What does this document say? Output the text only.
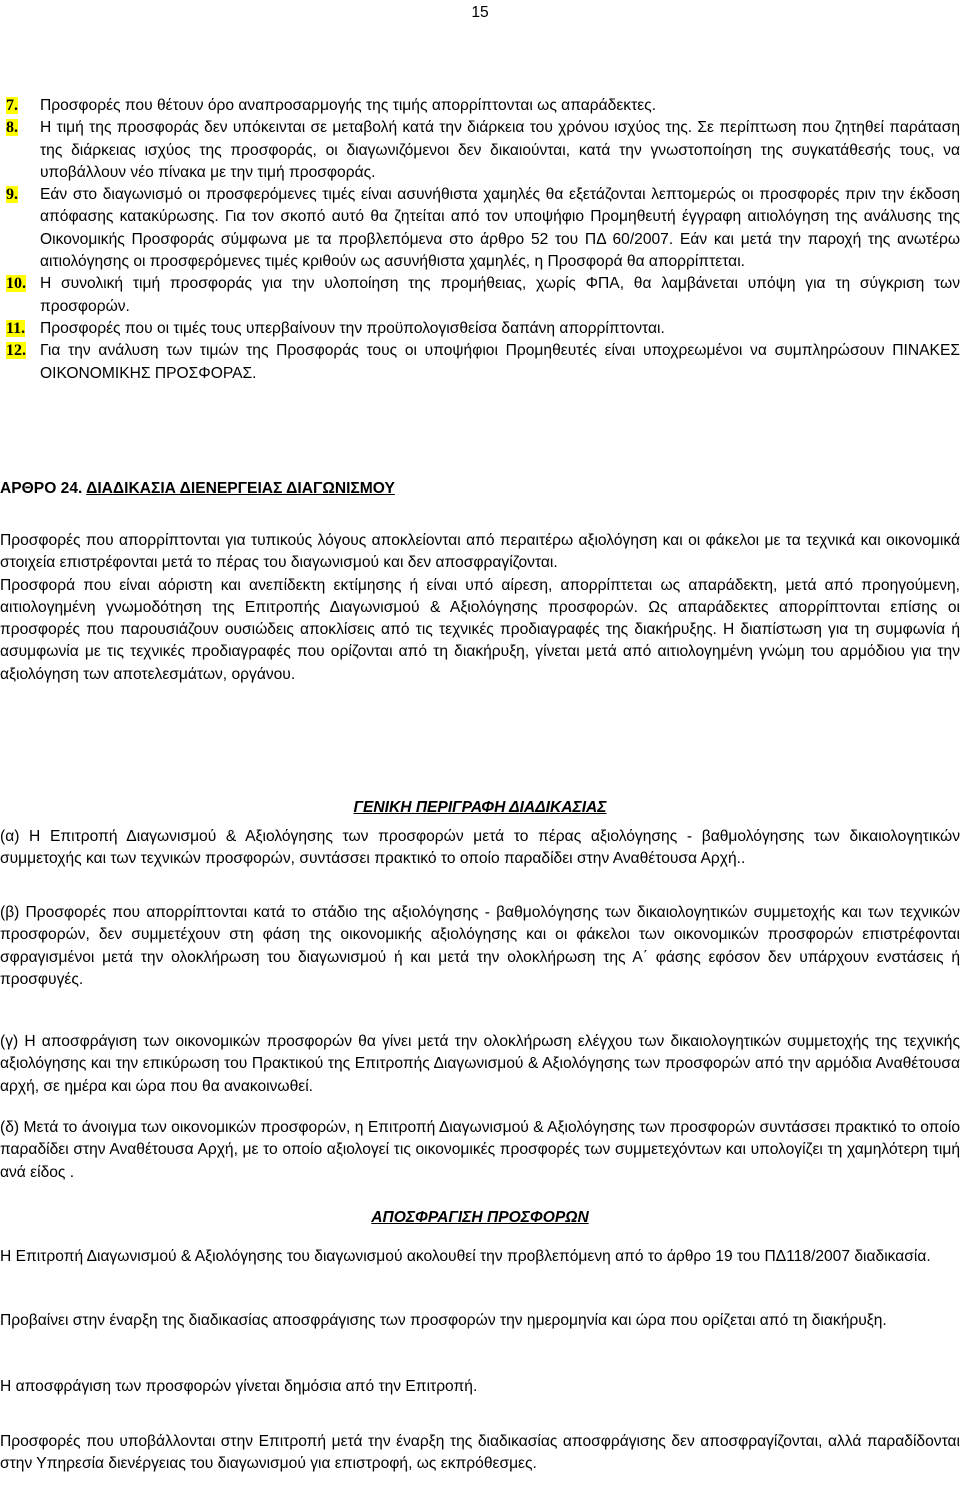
15
7. Προσφορές που θέτουν όρο αναπροσαρμογής της τιμής απορρίπτονται ως απαράδεκτες.
8. Η τιμή της προσφοράς δεν υπόκεινται σε μεταβολή κατά την διάρκεια του χρόνου ισχύος της. Σε περίπτωση που ζητηθεί παράταση της διάρκειας ισχύος της προσφοράς, οι διαγωνιζόμενοι δεν δικαιούνται, κατά την γνωστοποίηση της συγκατάθεσής τους, να υποβάλλουν νέο πίνακα με την τιμή προσφοράς.
9. Εάν στο διαγωνισμό οι προσφερόμενες τιμές είναι ασυνήθιστα χαμηλές θα εξετάζονται λεπτομερώς οι προσφορές πριν την έκδοση απόφασης κατακύρωσης. Για τον σκοπό αυτό θα ζητείται από τον υποψήφιο Προμηθευτή έγγραφη αιτιολόγηση της ανάλυσης της Οικονομικής Προσφοράς σύμφωνα με τα προβλεπόμενα στο άρθρο 52 του ΠΔ 60/2007. Εάν και μετά την παροχή της ανωτέρω αιτιολόγησης οι προσφερόμενες τιμές κριθούν ως ασυνήθιστα χαμηλές, η Προσφορά θα απορρίπτεται.
10. Η συνολική τιμή προσφοράς για την υλοποίηση της προμήθειας, χωρίς ΦΠΑ, θα λαμβάνεται υπόψη για τη σύγκριση των προσφορών.
11. Προσφορές που οι τιμές τους υπερβαίνουν την προϋπολογισθείσα δαπάνη απορρίπτονται.
12. Για την ανάλυση των τιμών της Προσφοράς τους οι υποψήφιοι Προμηθευτές είναι υποχρεωμένοι να συμπληρώσουν ΠΙΝΑΚΕΣ ΟΙΚΟΝΟΜΙΚΗΣ ΠΡΟΣΦΟΡΑΣ.
ΑΡΘΡΟ 24. ΔΙΑΔΙΚΑΣΙΑ ΔΙΕΝΕΡΓΕΙΑΣ ΔΙΑΓΩΝΙΣΜΟΥ

Προσφορές που απορρίπτονται για τυπικούς λόγους αποκλείονται από περαιτέρω αξιολόγηση και οι φάκελοι με τα τεχνικά και οικονομικά στοιχεία επιστρέφονται μετά το πέρας του διαγωνισμού και δεν αποσφραγίζονται.

Προσφορά που είναι αόριστη και ανεπίδεκτη εκτίμησης ή είναι υπό αίρεση, απορρίπτεται ως απαράδεκτη, μετά από προηγούμενη, αιτιολογημένη γνωμοδότηση της Επιτροπής Διαγωνισμού & Αξιολόγησης προσφορών. Ως απαράδεκτες απορρίπτονται επίσης οι προσφορές που παρουσιάζουν ουσιώδεις αποκλίσεις από τις τεχνικές προδιαγραφές της διακήρυξης. Η διαπίστωση για τη συμφωνία ή ασυμφωνία με τις τεχνικές προδιαγραφές που ορίζονται από τη διακήρυξη, γίνεται μετά από αιτιολογημένη γνώμη του αρμόδιου για την αξιολόγηση των αποτελεσμάτων, οργάνου.

ΓΕΝΙΚΗ ΠΕΡΙΓΡΑΦΗ ΔΙΑΔΙΚΑΣΙΑΣ
(α) Η Επιτροπή Διαγωνισμού & Αξιολόγησης των προσφορών μετά το πέρας αξιολόγησης - βαθμολόγησης των δικαιολογητικών συμμετοχής και των τεχνικών προσφορών, συντάσσει πρακτικό το οποίο παραδίδει στην Αναθέτουσα Αρχή..
(β) Προσφορές που απορρίπτονται κατά το στάδιο της αξιολόγησης - βαθμολόγησης των δικαιολογητικών συμμετοχής και των τεχνικών προσφορών, δεν συμμετέχουν στη φάση της οικονομικής αξιολόγησης και οι φάκελοι των οικονομικών προσφορών επιστρέφονται σφραγισμένοι μετά την ολοκλήρωση του διαγωνισμού ή και μετά την ολοκλήρωση της Α΄ φάσης εφόσον δεν υπάρχουν ενστάσεις ή προσφυγές.
(γ) Η αποσφράγιση των οικονομικών προσφορών θα γίνει μετά την ολοκλήρωση ελέγχου των δικαιολογητικών συμμετοχής της τεχνικής αξιολόγησης και την επικύρωση του Πρακτικού της Επιτροπής Διαγωνισμού & Αξιολόγησης των προσφορών από την αρμόδια Αναθέτουσα αρχή, σε ημέρα και ώρα που θα ανακοινωθεί.
(δ) Μετά το άνοιγμα των οικονομικών προσφορών, η Επιτροπή Διαγωνισμού & Αξιολόγησης των προσφορών συντάσσει πρακτικό το οποίο παραδίδει στην Αναθέτουσα Αρχή, με το οποίο αξιολογεί τις οικονομικές προσφορές των συμμετεχόντων και υπολογίζει τη χαμηλότερη τιμή ανά είδος .
ΑΠΟΣΦΡΑΓΙΣΗ ΠΡΟΣΦΟΡΩΝ
Η Επιτροπή Διαγωνισμού & Αξιολόγησης του διαγωνισμού ακολουθεί την προβλεπόμενη από το άρθρο 19 του ΠΔ118/2007 διαδικασία.
Προβαίνει στην έναρξη της διαδικασίας αποσφράγισης των προσφορών την ημερομηνία και ώρα που ορίζεται από τη διακήρυξη.
Η αποσφράγιση των προσφορών γίνεται δημόσια από την Επιτροπή.
Προσφορές που υποβάλλονται στην Επιτροπή μετά την έναρξη της διαδικασίας αποσφράγισης δεν αποσφραγίζονται, αλλά παραδίδονται στην Υπηρεσία διενέργειας του διαγωνισμού για επιστροφή, ως εκπρόθεσμες.
